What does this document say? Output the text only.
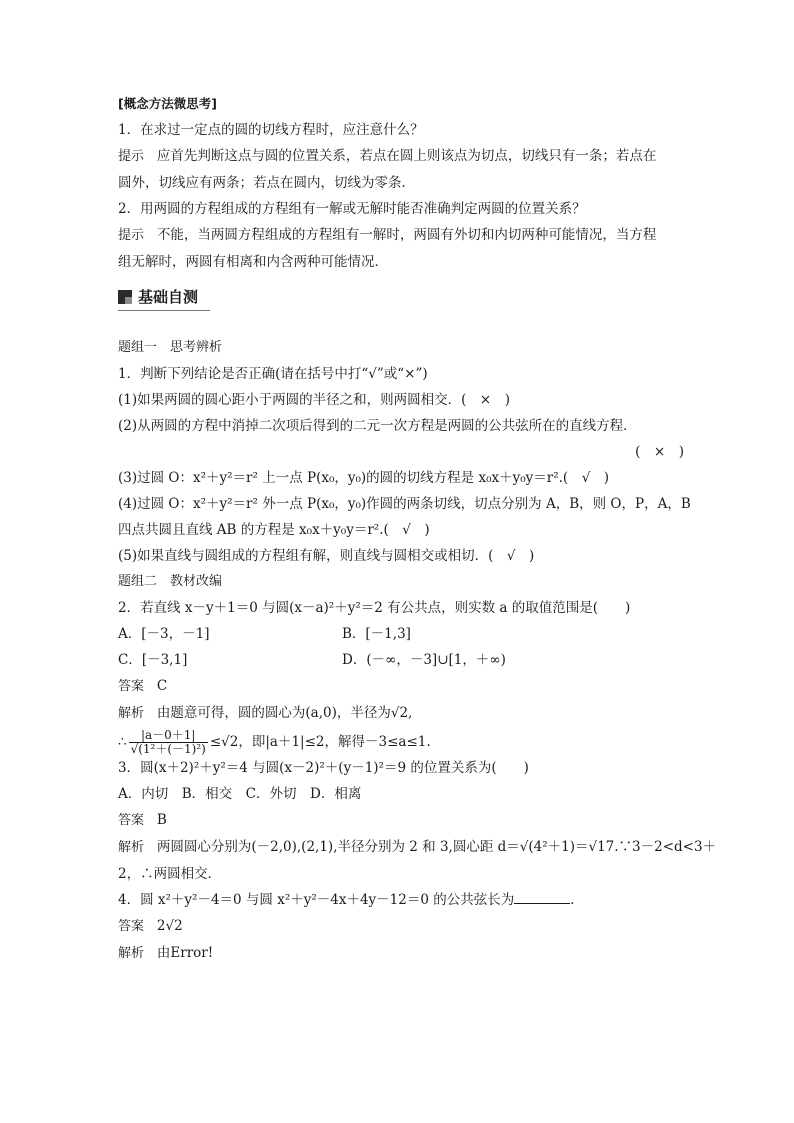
[概念方法微思考]
1．在求过一定点的圆的切线方程时，应注意什么？
提示 应首先判断这点与圆的位置关系，若点在圆上则该点为切点，切线只有一条；若点在
圆外，切线应有两条；若点在圆内，切线为零条．
2．用两圆的方程组成的方程组有一解或无解时能否准确判定两圆的位置关系？
提示 不能，当两圆方程组成的方程组有一解时，两圆有外切和内切两种可能情况，当方程
组无解时，两圆有相离和内含两种可能情况．
基础自测
题组一　思考辨析
1．判断下列结论是否正确(请在括号中打“√”或“×”)
(1)如果两圆的圆心距小于两圆的半径之和，则两圆相交．(　×　)
(2)从两圆的方程中消掉二次项后得到的二元一次方程是两圆的公共弦所在的直线方程．
(　×　)
(3)过圆 O：x²＋y²＝r² 上一点 P(x₀，y₀)的圆的切线方程是 x₀x＋y₀y＝r².(　√　)
(4)过圆 O：x²＋y²＝r² 外一点 P(x₀，y₀)作圆的两条切线，切点分别为 A，B，则 O，P，A，B
四点共圆且直线 AB 的方程是 x₀x＋y₀y＝r².(　√　)
(5)如果直线与圆组成的方程组有解，则直线与圆相交或相切．(　√　)
题组二　教材改编
2．若直线 x－y＋1＝0 与圆(x－a)²＋y²＝2 有公共点，则实数 a 的取值范围是(　　)
A．[－3，－1]	B．[－1,3]
C．[－3,1]	D．(－∞，－3]∪[1，＋∞)
答案 C
解析 由题意可得，圆的圆心为(a,0)，半径为√2,
∴ $\frac{|a-0+1|}{\text{√(1²＋(－1)²)}} \le√2$，即|a＋1|≤2，解得－3≤a≤1.
3．圆(x＋2)²＋y²＝4 与圆(x－2)²＋(y－1)²＝9 的位置关系为(　　)
A．内切　B．相交　C．外切　D．相离
答案 B
解析 两圆圆心分别为(－2,0),(2,1),半径分别为 2 和 3,圆心距 d＝√(4²＋1)＝√17.∵3－2<d<3＋
2，∴两圆相交．
4．圆 x²＋y²－4＝0 与圆 x²＋y²－4x＋4y－12＝0 的公共弦长为	．
答案 2√2
解析 由Error!
